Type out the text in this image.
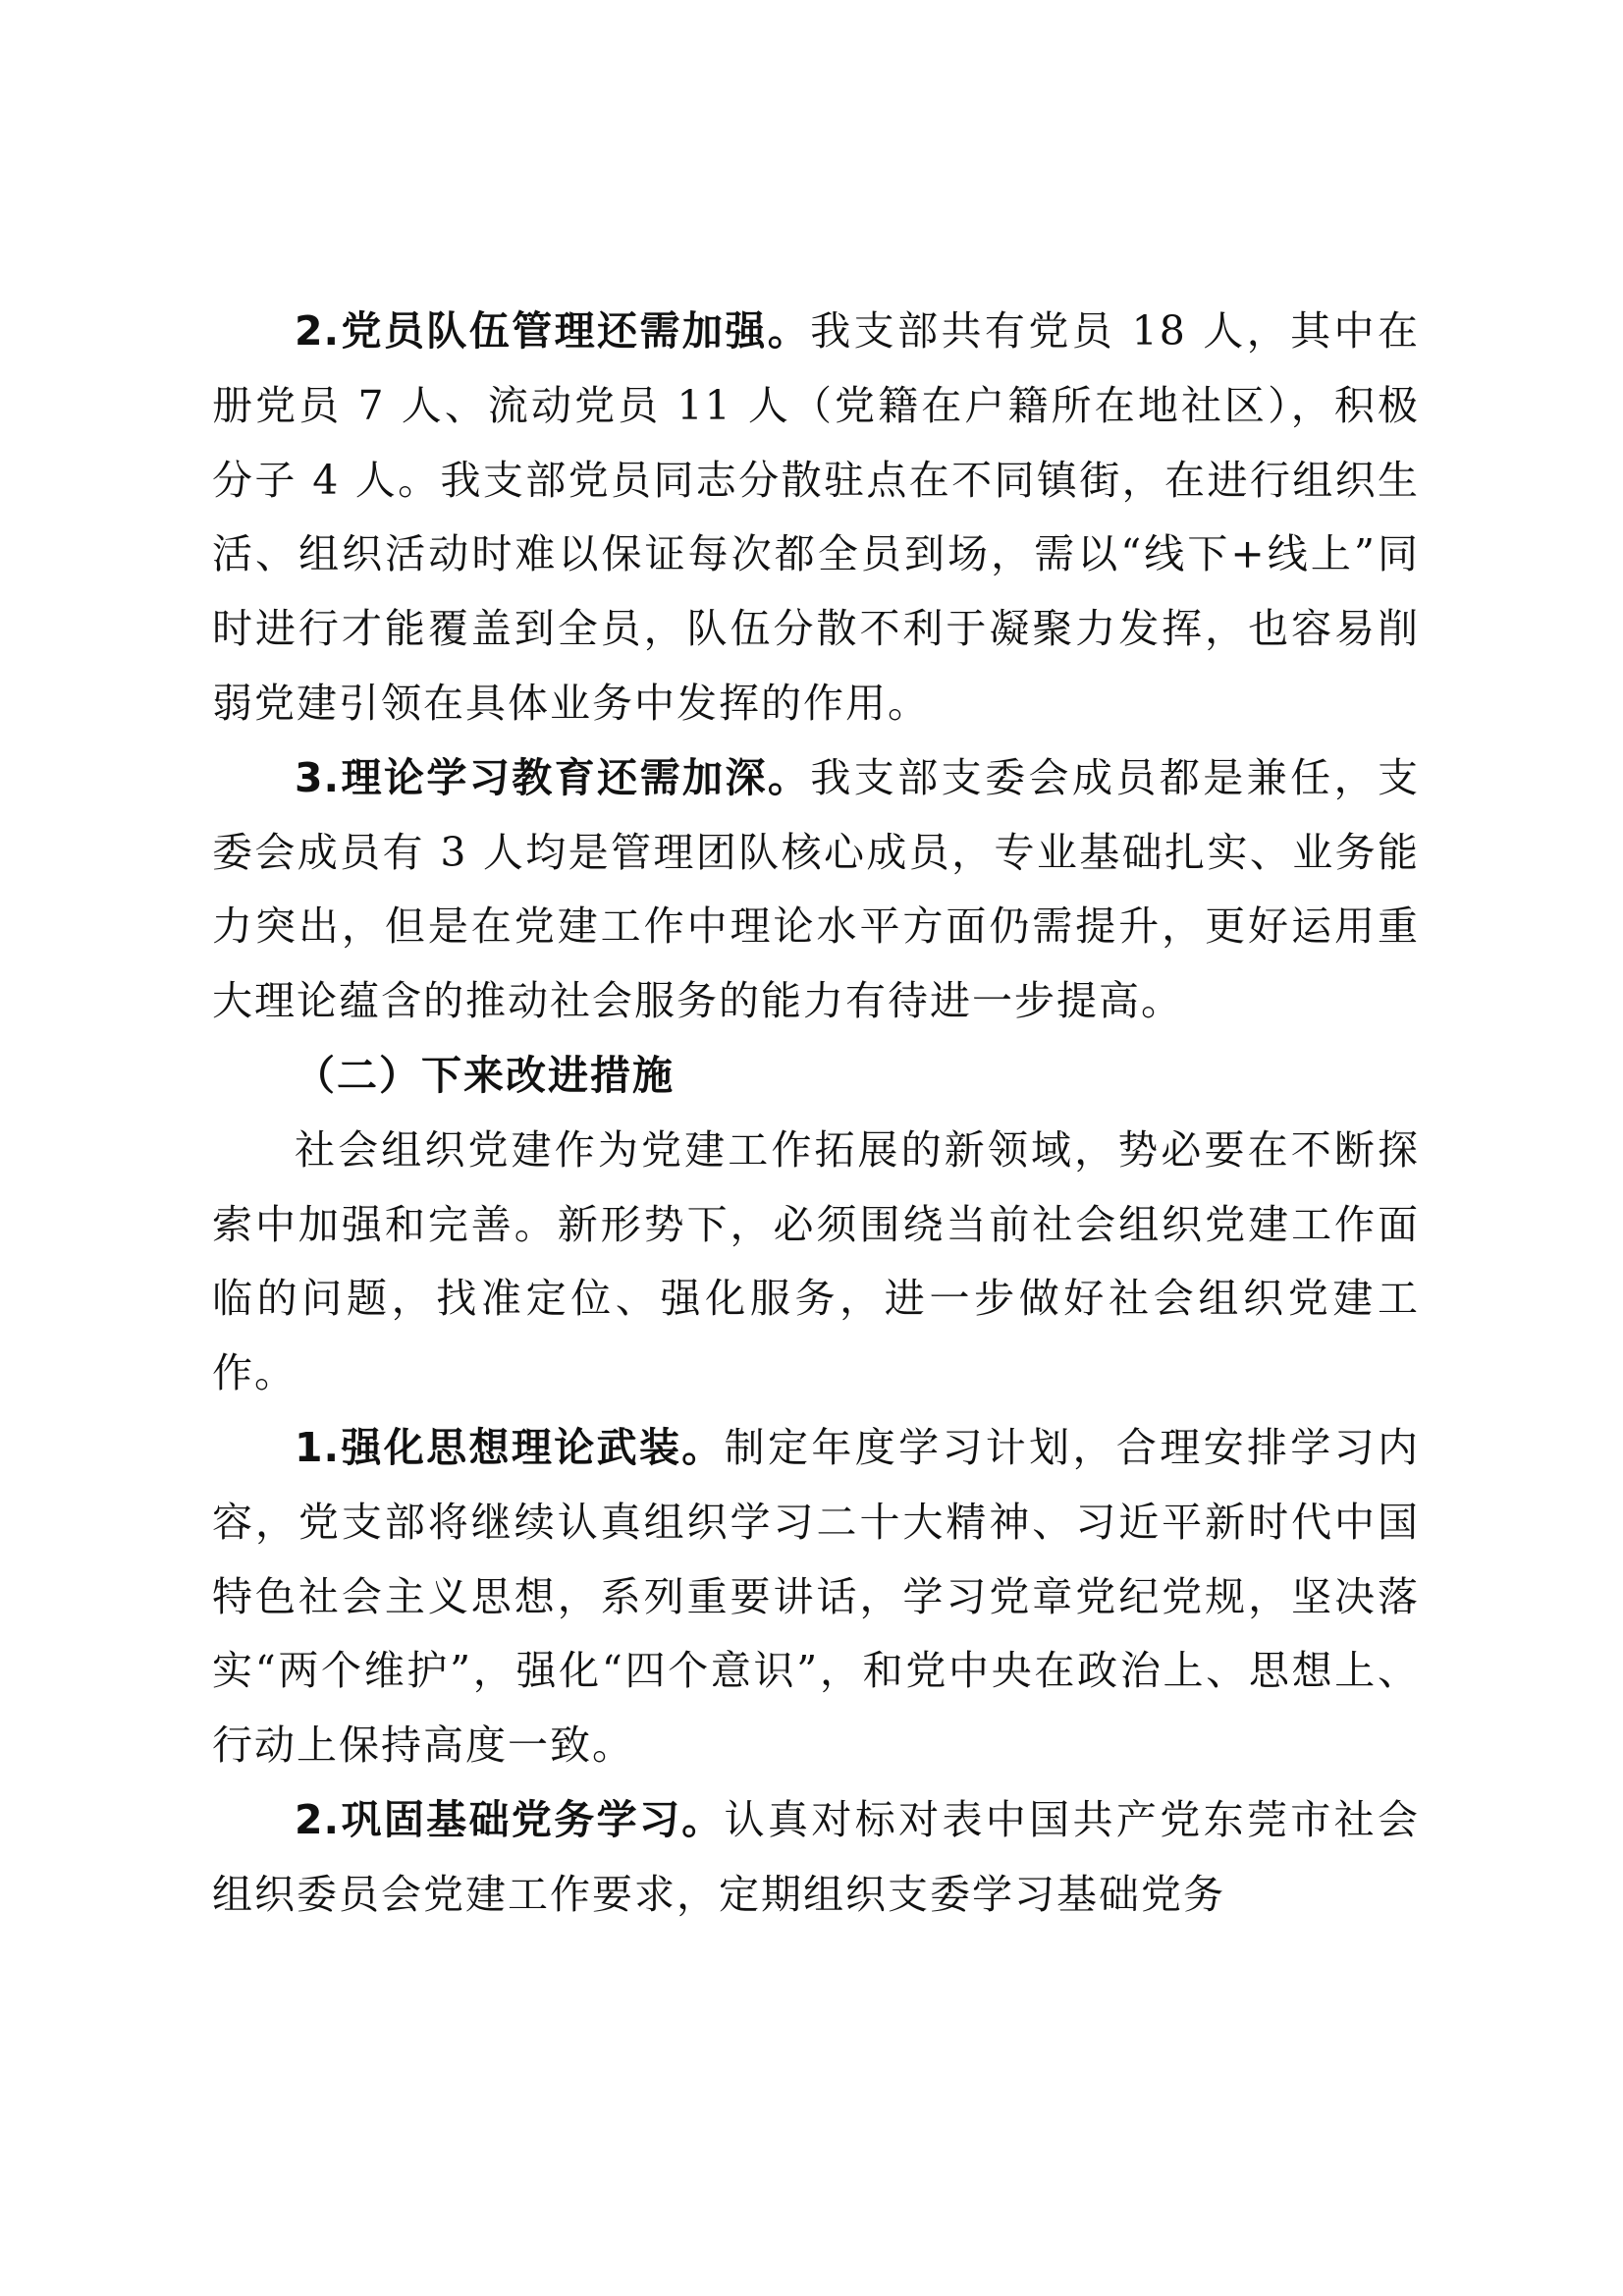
2.党员队伍管理还需加强。我支部共有党员 18 人，其中在册党员 7 人、流动党员 11 人（党籍在户籍所在地社区），积极分子 4 人。我支部党员同志分散驻点在不同镇街，在进行组织生活、组织活动时难以保证每次都全员到场，需以“线下+线上”同时进行才能覆盖到全员，队伍分散不利于凝聚力发挥，也容易削弱党建引领在具体业务中发挥的作用。

3.理论学习教育还需加深。我支部支委会成员都是兼任，支委会成员有 3 人均是管理团队核心成员，专业基础扎实、业务能力突出，但是在党建工作中理论水平方面仍需提升，更好运用重大理论蕴含的推动社会服务的能力有待进一步提高。

（二）下来改进措施

社会组织党建作为党建工作拓展的新领域，势必要在不断探索中加强和完善。新形势下，必须围绕当前社会组织党建工作面临的问题，找准定位、强化服务，进一步做好社会组织党建工作。

1.强化思想理论武装。制定年度学习计划，合理安排学习内容，党支部将继续认真组织学习二十大精神、习近平新时代中国特色社会主义思想，系列重要讲话，学习党章党纪党规，坚决落实“两个维护”，强化“四个意识”，和党中央在政治上、思想上、行动上保持高度一致。

2.巩固基础党务学习。认真对标对表中国共产党东莞市社会组织委员会党建工作要求，定期组织支委学习基础党务
